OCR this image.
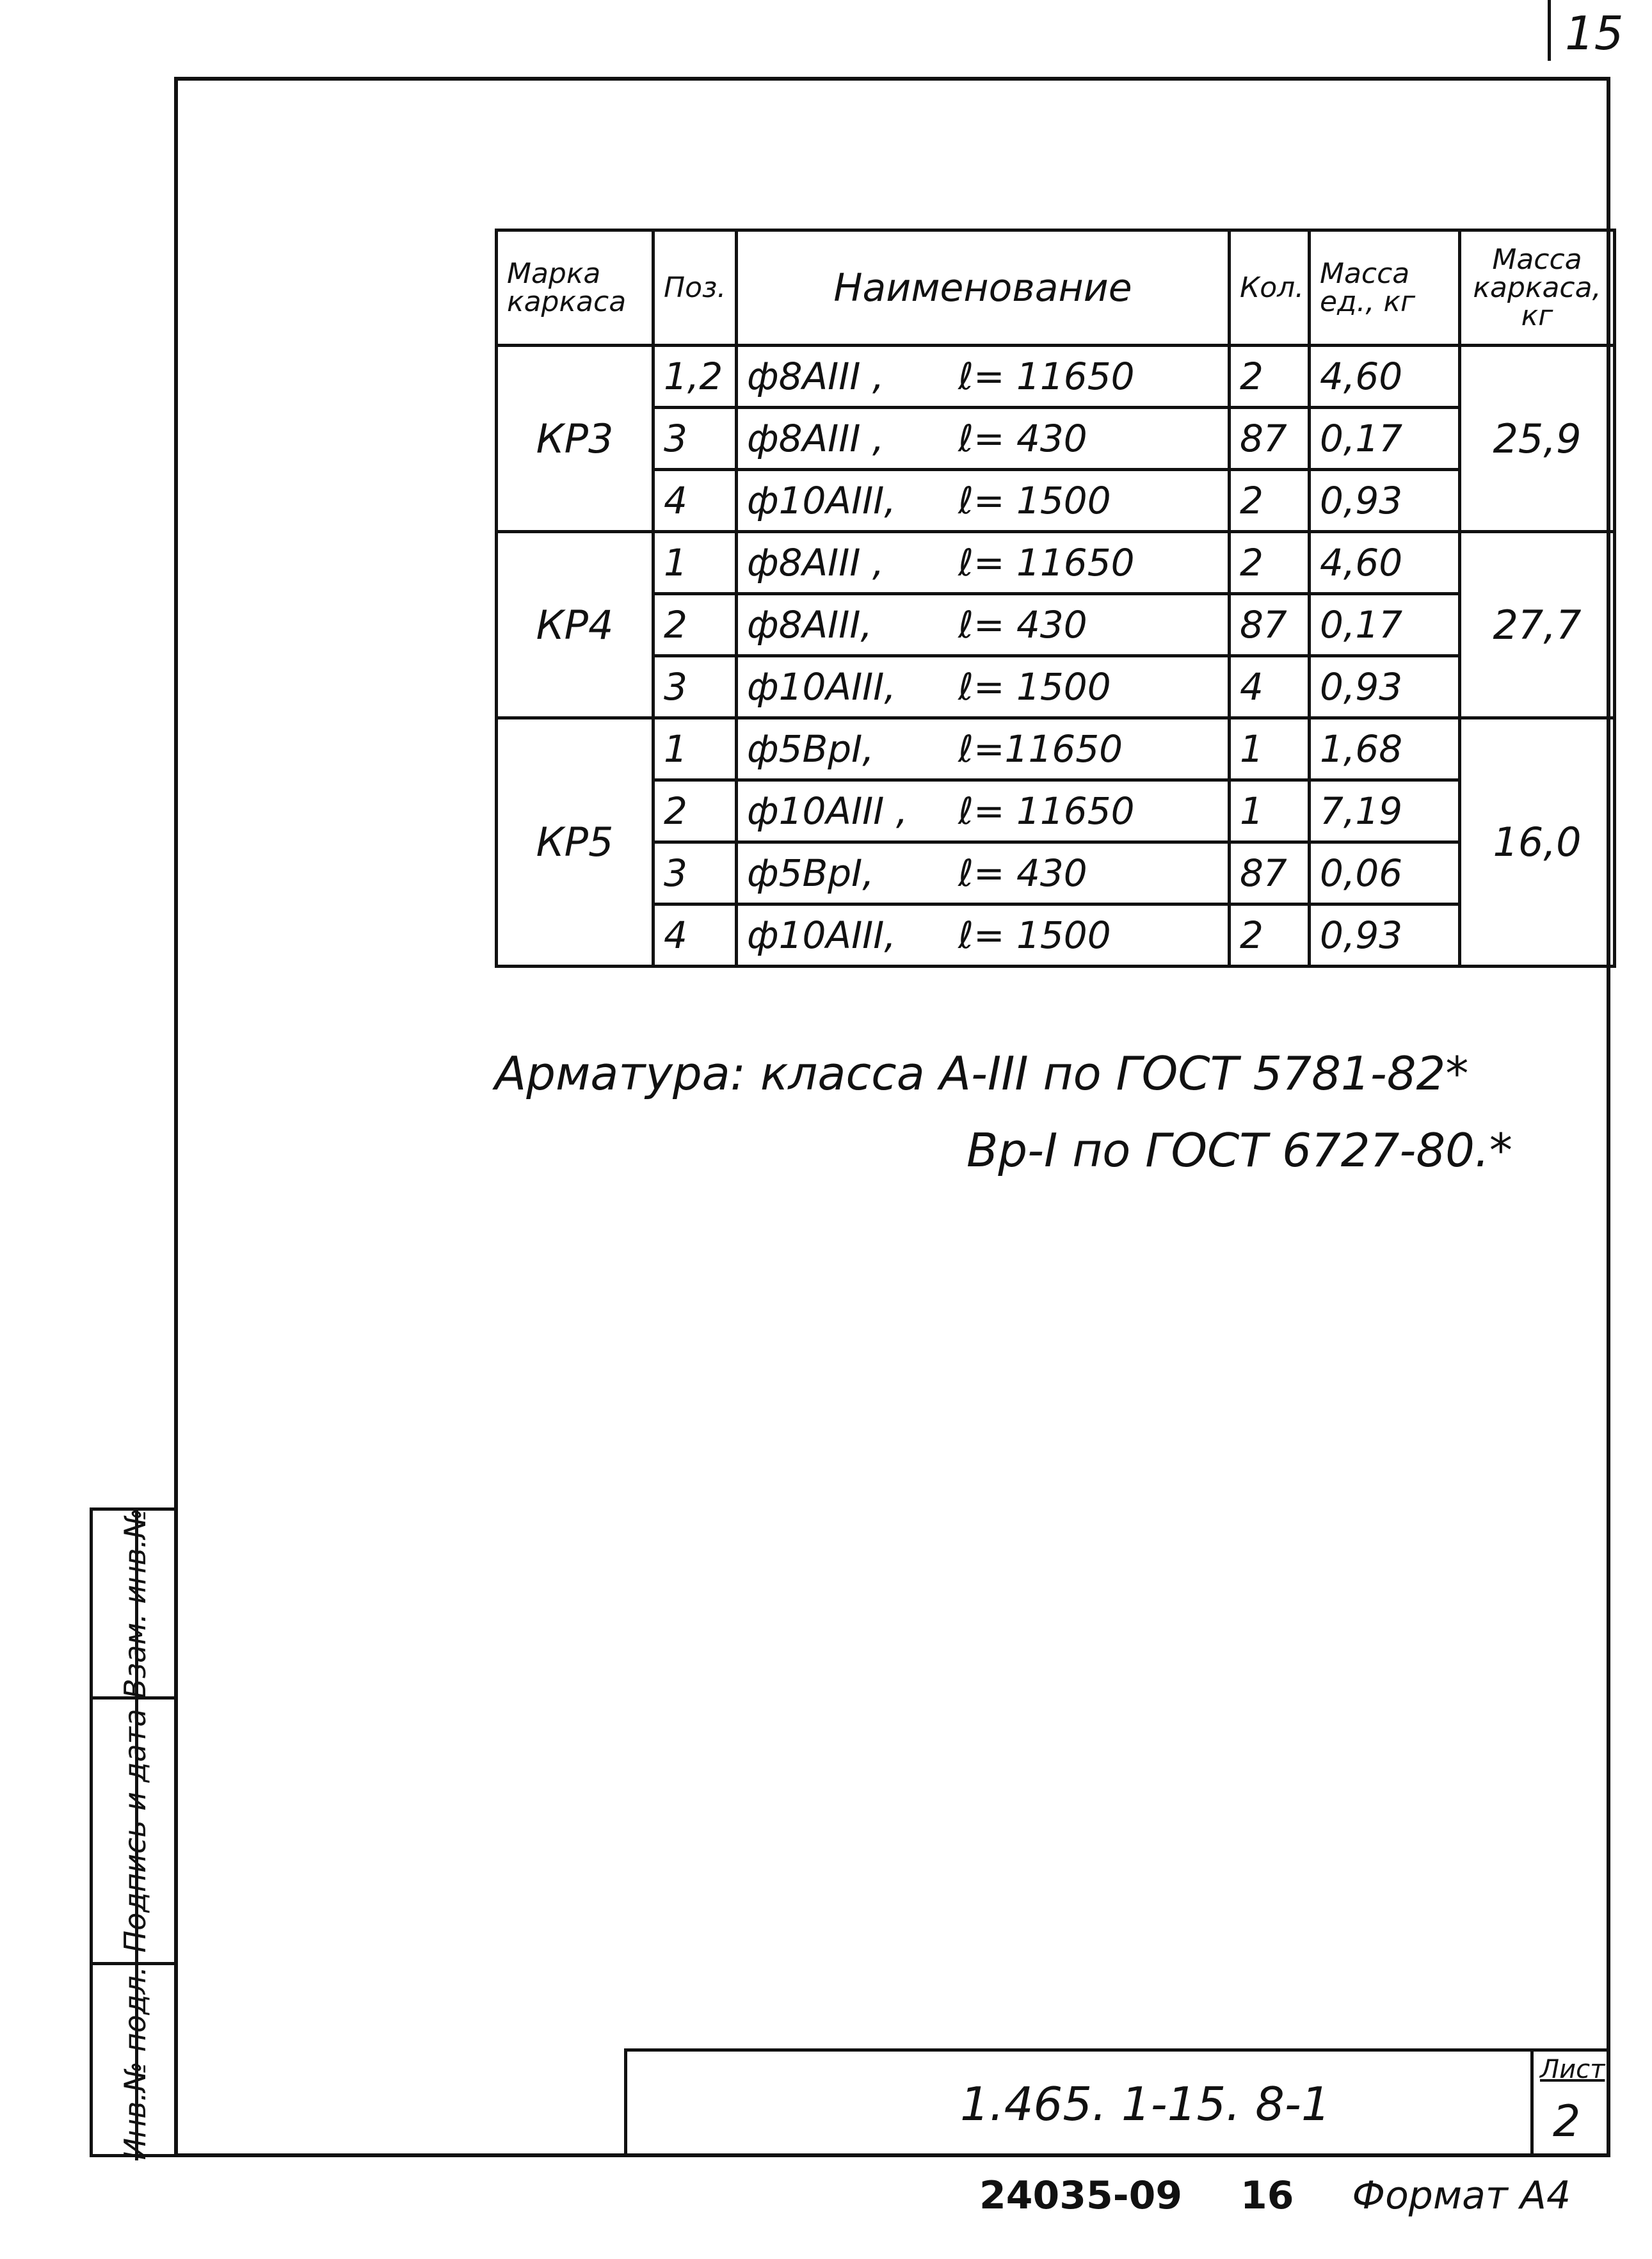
15
Марка каркаса	Поз.	Наименование	Кол.	Масса ед., кг	Масса каркаса, кг
КР3	1,2	ф8АIII , ℓ= 11650	2	4,60	25,9
	3	ф8АIII , ℓ= 430	87	0,17	
	4	ф10АIII, ℓ= 1500	2	0,93	
КР4	1	ф8АIII , ℓ= 11650	2	4,60	27,7
	2	ф8АIII, ℓ= 430	87	0,17	
	3	ф10АIII, ℓ= 1500	4	0,93	
КР5	1	ф5ВрI, ℓ=11650	1	1,68	16,0
	2	ф10АIII , ℓ= 11650	1	7,19	
	3	ф5ВрI, ℓ= 430	87	0,06	
	4	ф10АIII, ℓ= 1500	2	0,93	
Арматура: класса А-III по ГОСТ 5781-82*
Вр-I по ГОСТ 6727-80.*
Взам. инв.№
Подпись и дата
Инв.№ подл.	1.465. 1-15. 8-1
Лист
2
24035-09 16 Формат А4
